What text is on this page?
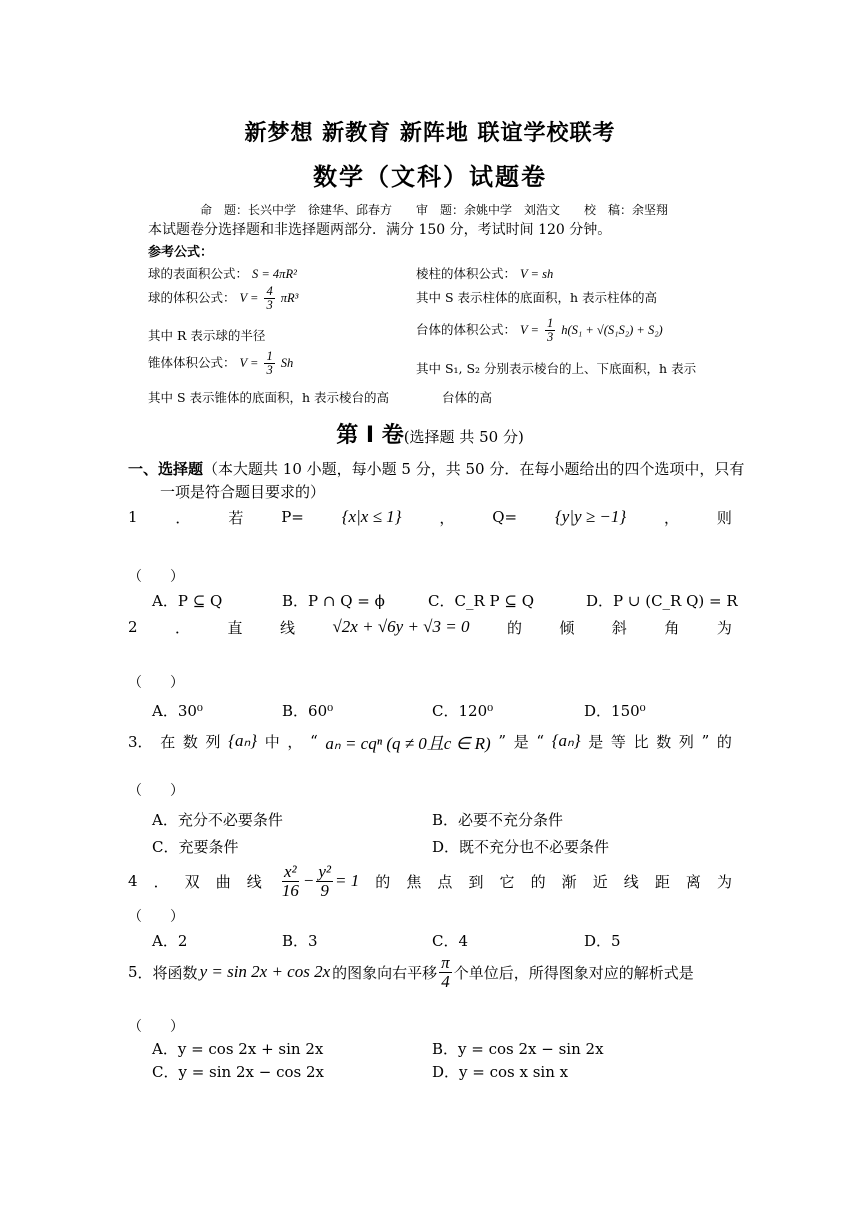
新梦想 新教育 新阵地 联谊学校联考
数学（文科）试题卷
命　题：长兴中学　徐建华、邱春方　　审　题：余姚中学　刘浩文　　校　稿：余坚翔
本试题卷分选择题和非选择题两部分．满分 150 分，考试时间 120 分钟。
参考公式：
球的表面积公式： S = 4πR²
球的体积公式： $V = \frac{4}{3} \pi R^3$
其中 R 表示球的半径
锥体体积公式： $V = \frac{1}{3}$ Sh
其中 S 表示锥体的底面积，h 表示棱台的高
棱柱的体积公式： V = sh
其中 S 表示柱体的底面积，h 表示柱体的高
台体的体积公式： $V = \frac{1}{3} h(S_1 + √(S_1S_2) + S_2)$
其中 S₁, S₂ 分别表示棱台的上、下底面积，h 表示
台体的高
第 I 卷(选择题 共 50 分)
一、选择题（本大题共 10 小题，每小题 5 分，共 50 分．在每小题给出的四个选项中，只有
一项是符合题目要求的）
1	．	若	P= {x|x ≤ 1}	，	Q= {y|y ≥ −1}	，	则
（　　）
A．P ⊆ Q	B．P ∩ Q = ϕ	C．C_R P ⊆ Q	D．P ∪ (C_R Q) = R
2 ． 直 线 √2x + √6y + √3 = 0 的 倾 斜 角 为
（　　）
A．30⁰	B．60⁰	C．120⁰	D．150⁰
3． 在 数 列 {aₙ} 中 ， “ aₙ = cqⁿ (q ≠ 0且c ∈ R) ” 是 “ {aₙ} 是 等 比 数 列 ” 的
（　　）
A．充分不必要条件	B．必要不充分条件
C．充要条件	D．既不充分也不必要条件
4 ． 双 曲 线 $\frac{\text{x²}}{16} - \frac{\text{y²}}{9} = 1$ 的 焦 点 到 它 的 渐 近 线 距 离 为
（　　）
A．2	B．3	C．4	D．5
5 ．将函数 y = sin 2x + cos 2x 的图象向右平移 $\frac{\pi}{4}$ 个单位后，所得图象对应的解析式是
（　　）
A．y = cos 2x + sin 2x	B．y = cos 2x − sin 2x
C．y = sin 2x − cos 2x	D．y = cos x sin x
